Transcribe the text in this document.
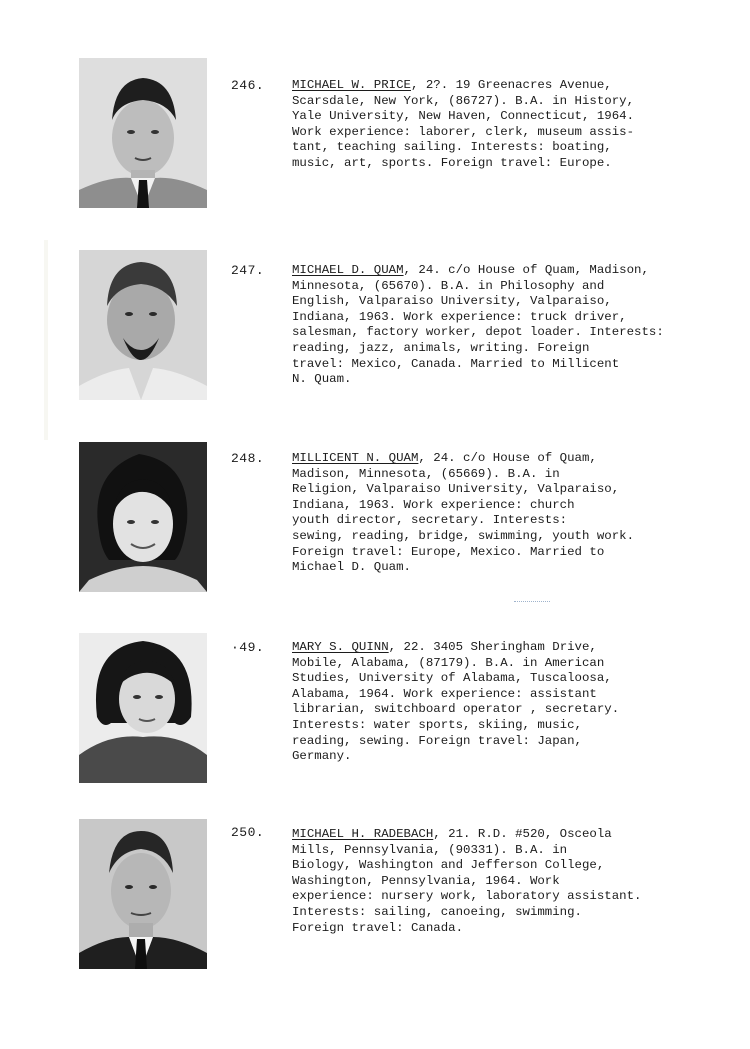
246. MICHAEL W. PRICE, 2?. 19 Greenacres Avenue,
Scarsdale, New York, (86727). B.A. in History,
Yale University, New Haven, Connecticut, 1964.
Work experience: laborer, clerk, museum assis-
tant, teaching sailing. Interests: boating,
music, art, sports. Foreign travel: Europe.
247. MICHAEL D. QUAM, 24. c/o House of Quam, Madison,
Minnesota, (65670). B.A. in Philosophy and
English, Valparaiso University, Valparaiso,
Indiana, 1963. Work experience: truck driver,
salesman, factory worker, depot loader. Interests:
reading, jazz, animals, writing. Foreign
travel: Mexico, Canada. Married to Millicent
N. Quam.
248. MILLICENT N. QUAM, 24. c/o House of Quam,
Madison, Minnesota, (65669). B.A. in
Religion, Valparaiso University, Valparaiso,
Indiana, 1963. Work experience: church
youth director, secretary. Interests:
sewing, reading, bridge, swimming, youth work.
Foreign travel: Europe, Mexico. Married to
Michael D. Quam.
·49. MARY S. QUINN, 22. 3405 Sheringham Drive,
Mobile, Alabama, (87179). B.A. in American
Studies, University of Alabama, Tuscaloosa,
Alabama, 1964. Work experience: assistant
librarian, switchboard operator , secretary.
Interests: water sports, skiing, music,
reading, sewing. Foreign travel: Japan,
Germany.
250. MICHAEL H. RADEBACH, 21. R.D. #520, Osceola
Mills, Pennsylvania, (90331). B.A. in
Biology, Washington and Jefferson College,
Washington, Pennsylvania, 1964. Work
experience: nursery work, laboratory assistant.
Interests: sailing, canoeing, swimming.
Foreign travel: Canada.
